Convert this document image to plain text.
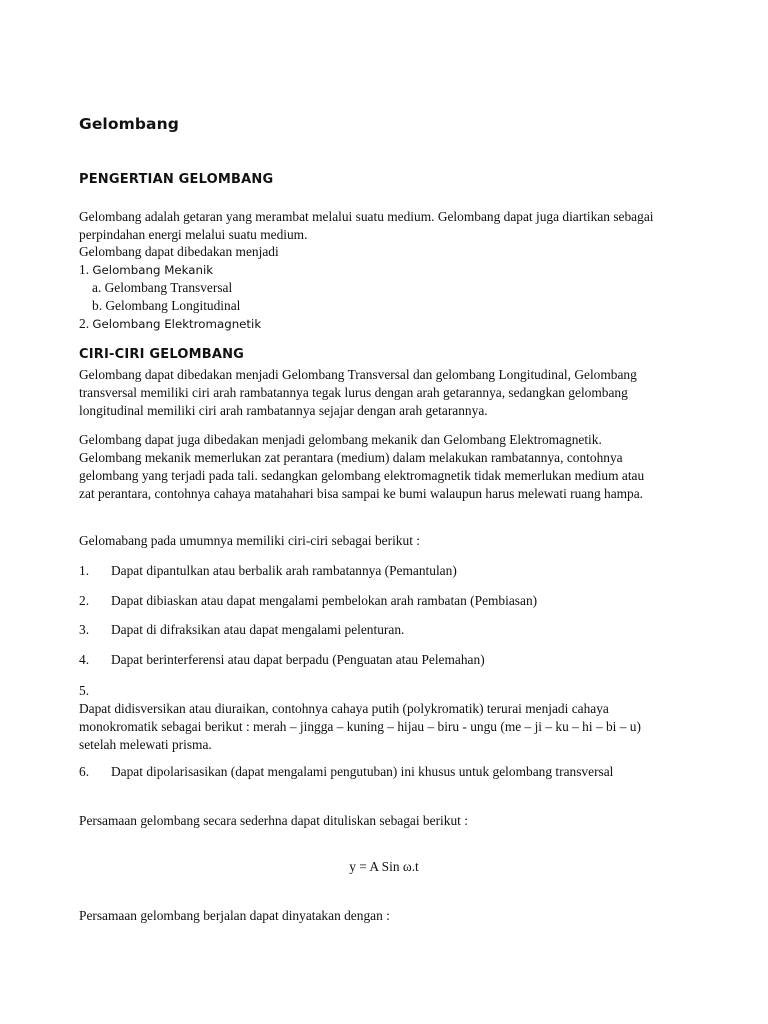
Gelombang
PENGERTIAN GELOMBANG
Gelombang adalah getaran yang merambat melalui suatu medium. Gelombang dapat juga diartikan sebagai
perpindahan energi melalui suatu medium.
Gelombang dapat dibedakan menjadi
1. Gelombang Mekanik
a. Gelombang Transversal
b. Gelombang Longitudinal
2. Gelombang Elektromagnetik
CIRI-CIRI GELOMBANG
Gelombang dapat dibedakan menjadi Gelombang Transversal dan gelombang Longitudinal, Gelombang
transversal memiliki ciri arah rambatannya tegak lurus dengan arah getarannya, sedangkan gelombang
longitudinal memiliki ciri arah rambatannya sejajar dengan arah getarannya.
Gelombang dapat juga dibedakan menjadi gelombang mekanik dan Gelombang Elektromagnetik.
Gelombang mekanik memerlukan zat perantara (medium) dalam melakukan rambatannya, contohnya
gelombang yang terjadi pada tali. sedangkan gelombang elektromagnetik tidak memerlukan medium atau
zat perantara, contohnya cahaya matahahari bisa sampai ke bumi walaupun harus melewati ruang hampa.
Gelomabang pada umumnya memiliki ciri-ciri sebagai berikut :
1. Dapat dipantulkan atau berbalik arah rambatannya (Pemantulan)
2. Dapat dibiaskan atau dapat mengalami pembelokan arah rambatan (Pembiasan)
3. Dapat di difraksikan atau dapat mengalami pelenturan.
4. Dapat berinterferensi atau dapat berpadu (Penguatan atau Pelemahan)
5.
Dapat didisversikan atau diuraikan, contohnya cahaya putih (polykromatik) terurai menjadi cahaya
monokromatik sebagai berikut : merah – jingga – kuning – hijau – biru - ungu (me – ji – ku – hi – bi – u)
setelah melewati prisma.
6. Dapat dipolarisasikan (dapat mengalami pengutuban) ini khusus untuk gelombang transversal
Persamaan gelombang secara sederhna dapat dituliskan sebagai berikut :
y = A Sin ω.t
Persamaan gelombang berjalan dapat dinyatakan dengan :
